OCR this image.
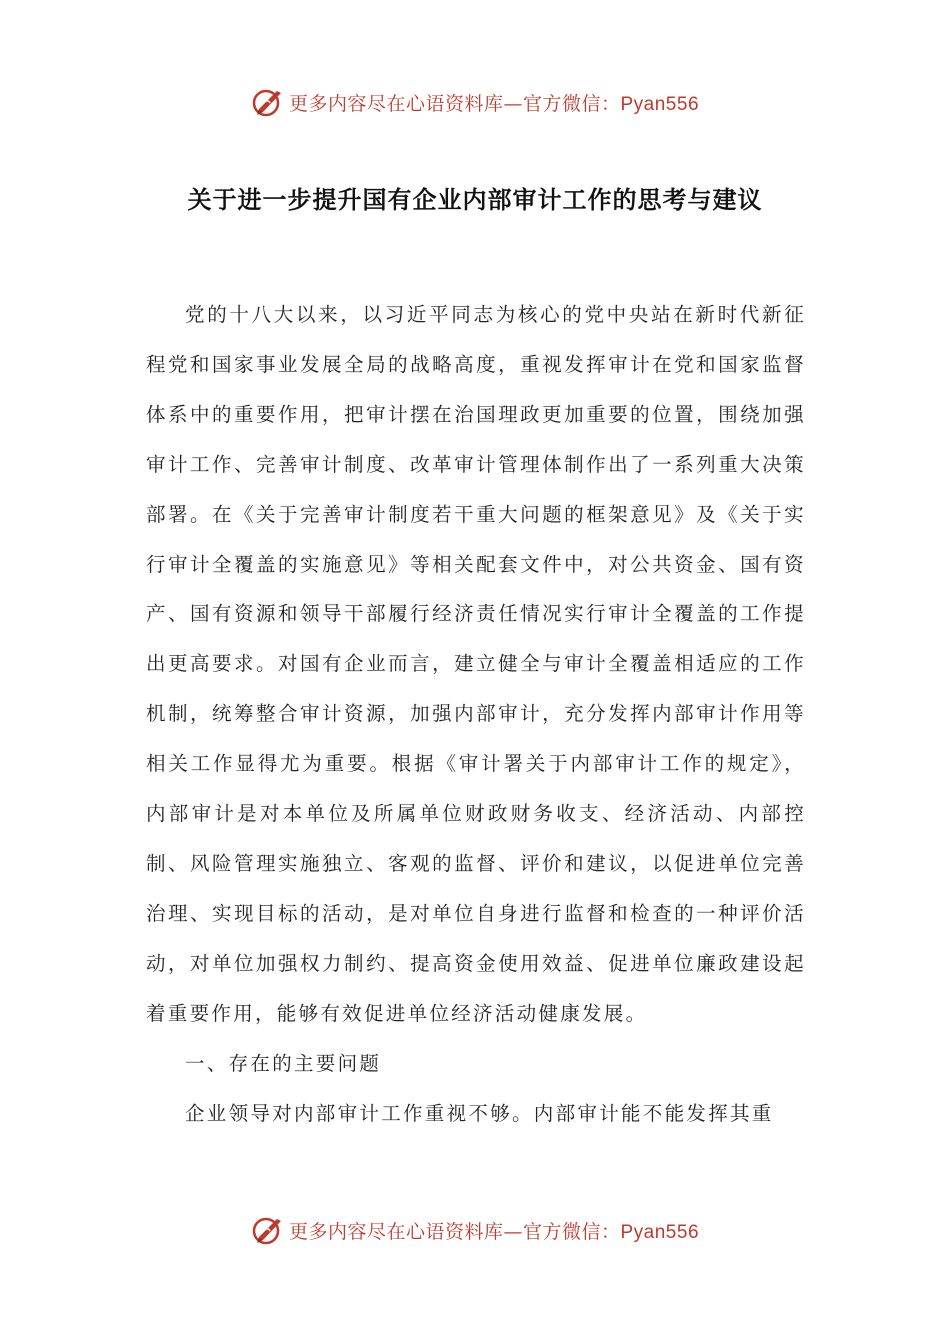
更多内容尽在心语资料库—官方微信：Pyan556
关于进一步提升国有企业内部审计工作的思考与建议

党的十八大以来，以习近平同志为核心的党中央站在新时代新征程党和国家事业发展全局的战略高度，重视发挥审计在党和国家监督体系中的重要作用，把审计摆在治国理政更加重要的位置，围绕加强审计工作、完善审计制度、改革审计管理体制作出了一系列重大决策部署。在《关于完善审计制度若干重大问题的框架意见》及《关于实行审计全覆盖的实施意见》等相关配套文件中，对公共资金、国有资产、国有资源和领导干部履行经济责任情况实行审计全覆盖的工作提出更高要求。对国有企业而言，建立健全与审计全覆盖相适应的工作机制，统筹整合审计资源，加强内部审计，充分发挥内部审计作用等相关工作显得尤为重要。根据《审计署关于内部审计工作的规定》，内部审计是对本单位及所属单位财政财务收支、经济活动、内部控制、风险管理实施独立、客观的监督、评价和建议，以促进单位完善治理、实现目标的活动，是对单位自身进行监督和检查的一种评价活动，对单位加强权力制约、提高资金使用效益、促进单位廉政建设起着重要作用，能够有效促进单位经济活动健康发展。

一、存在的主要问题

企业领导对内部审计工作重视不够。内部审计能不能发挥其重

更多内容尽在心语资料库—官方微信：Pyan556
